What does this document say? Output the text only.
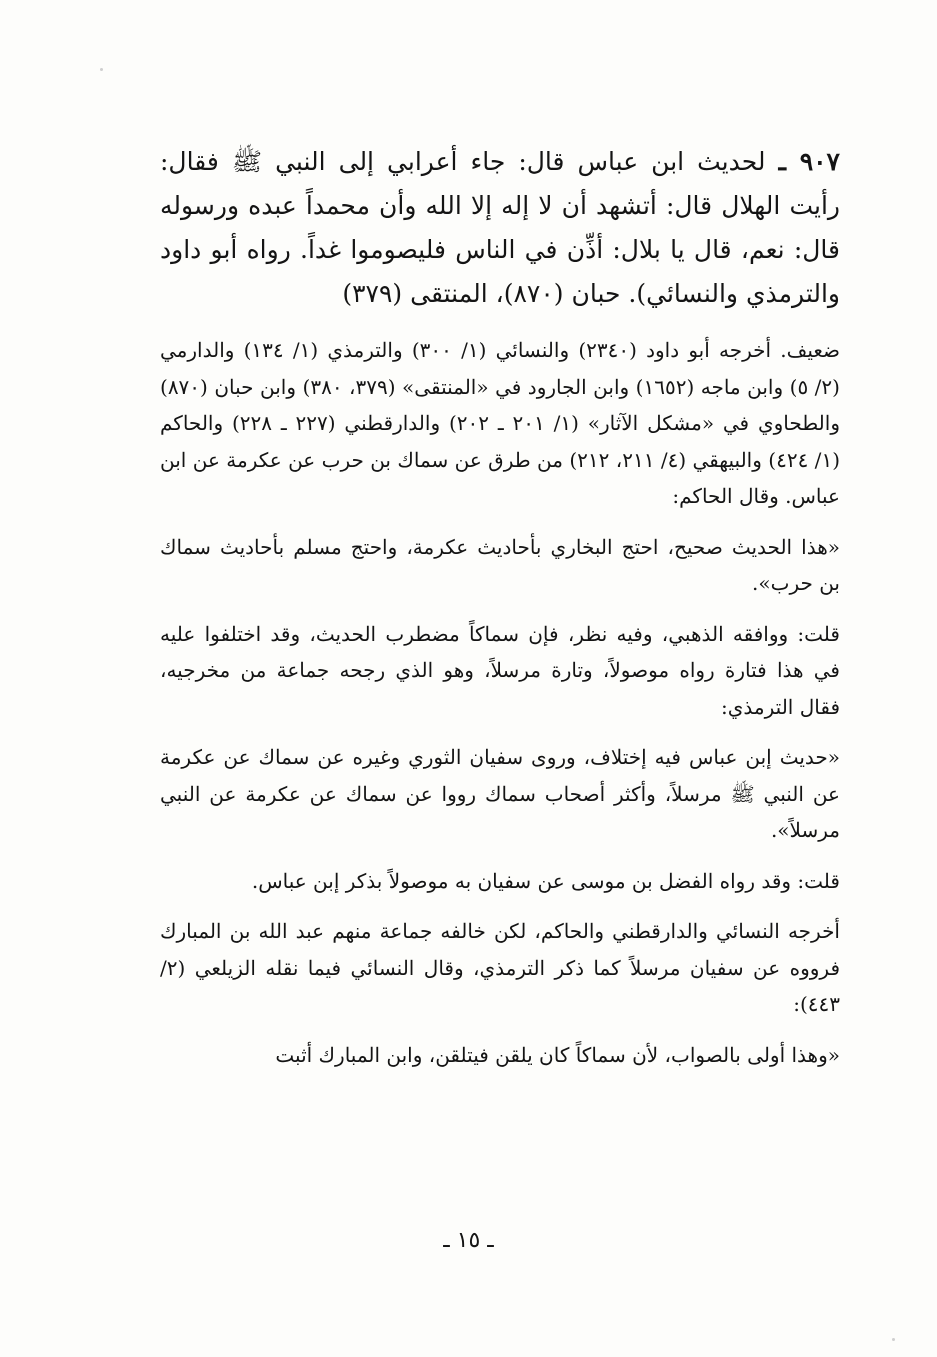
٩٠٧ ـ لحديث ابن عباس قال: جاء أعرابي إلى النبي ﷺ فقال: رأيت الهلال قال: أتشهد أن لا إله إلا الله وأن محمداً عبده ورسوله قال: نعم، قال يا بلال: أذِّن في الناس فليصوموا غداً. رواه أبو داود والترمذي والنسائي). حبان (٨٧٠)، المنتقى (٣٧٩)
ضعيف. أخرجه أبو داود (٢٣٤٠) والنسائي (١/ ٣٠٠) والترمذي (١/ ١٣٤) والدارمي (٢/ ٥) وابن ماجه (١٦٥٢) وابن الجارود في «المنتقى» (٣٧٩، ٣٨٠) وابن حبان (٨٧٠) والطحاوي في «مشكل الآثار» (١/ ٢٠١ ـ ٢٠٢) والدارقطني (٢٢٧ ـ ٢٢٨) والحاكم (١/ ٤٢٤) والبيهقي (٤/ ٢١١، ٢١٢) من طرق عن سماك بن حرب عن عكرمة عن ابن عباس. وقال الحاكم:
«هذا الحديث صحيح، احتج البخاري بأحاديث عكرمة، واحتج مسلم بأحاديث سماك بن حرب».
قلت: ووافقه الذهبي، وفيه نظر، فإن سماكاً مضطرب الحديث، وقد اختلفوا عليه في هذا فتارة رواه موصولاً، وتارة مرسلاً، وهو الذي رجحه جماعة من مخرجيه، فقال الترمذي:
«حديث إبن عباس فيه إختلاف، وروى سفيان الثوري وغيره عن سماك عن عكرمة عن النبي ﷺ مرسلاً، وأكثر أصحاب سماك رووا عن سماك عن عكرمة عن النبي مرسلاً».
قلت: وقد رواه الفضل بن موسى عن سفيان به موصولاً بذكر إبن عباس.
أخرجه النسائي والدارقطني والحاكم، لكن خالفه جماعة منهم عبد الله بن المبارك فرووه عن سفيان مرسلاً كما ذكر الترمذي، وقال النسائي فيما نقله الزيلعي (٢/ ٤٤٣):
«وهذا أولى بالصواب، لأن سماكاً كان يلقن فيتلقن، وابن المبارك أثبت
ـ ١٥ ـ
